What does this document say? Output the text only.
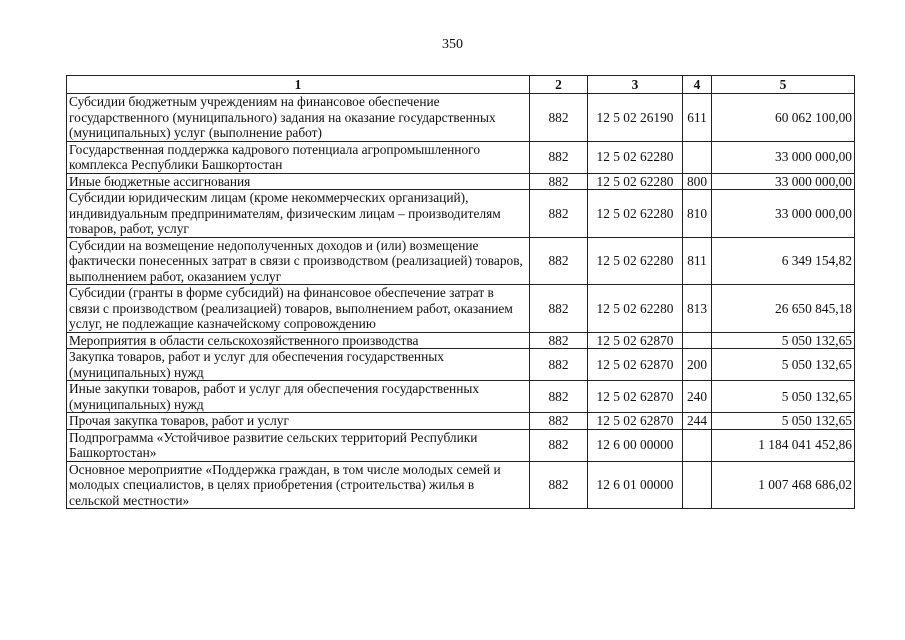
350
1	2	3	4	5
Субсидии бюджетным учреждениям на финансовое обеспечение государственного (муниципального) задания на оказание государственных (муниципальных) услуг (выполнение работ)	882	12 5 02 26190	611	60 062 100,00
Государственная поддержка кадрового потенциала агропромышленного комплекса Республики Башкортостан	882	12 5 02 62280		33 000 000,00
Иные бюджетные ассигнования	882	12 5 02 62280	800	33 000 000,00
Субсидии юридическим лицам (кроме некоммерческих организаций), индивидуальным предпринимателям, физическим лицам – производителям товаров, работ, услуг	882	12 5 02 62280	810	33 000 000,00
Субсидии на возмещение недополученных доходов и (или) возмещение фактически понесенных затрат в связи с производством (реализацией) товаров, выполнением работ, оказанием услуг	882	12 5 02 62280	811	6 349 154,82
Субсидии (гранты в форме субсидий) на финансовое обеспечение затрат в связи с производством (реализацией) товаров, выполнением работ, оказанием услуг, не подлежащие казначейскому сопровождению	882	12 5 02 62280	813	26 650 845,18
Мероприятия в области сельскохозяйственного производства	882	12 5 02 62870		5 050 132,65
Закупка товаров, работ и услуг для обеспечения государственных (муниципальных) нужд	882	12 5 02 62870	200	5 050 132,65
Иные закупки товаров, работ и услуг для обеспечения государственных (муниципальных) нужд	882	12 5 02 62870	240	5 050 132,65
Прочая закупка товаров, работ и услуг	882	12 5 02 62870	244	5 050 132,65
Подпрограмма «Устойчивое развитие сельских территорий Республики Башкортостан»	882	12 6 00 00000		1 184 041 452,86
Основное мероприятие «Поддержка граждан, в том числе молодых семей и молодых специалистов, в целях приобретения (строительства) жилья в сельской местности»	882	12 6 01 00000		1 007 468 686,02
